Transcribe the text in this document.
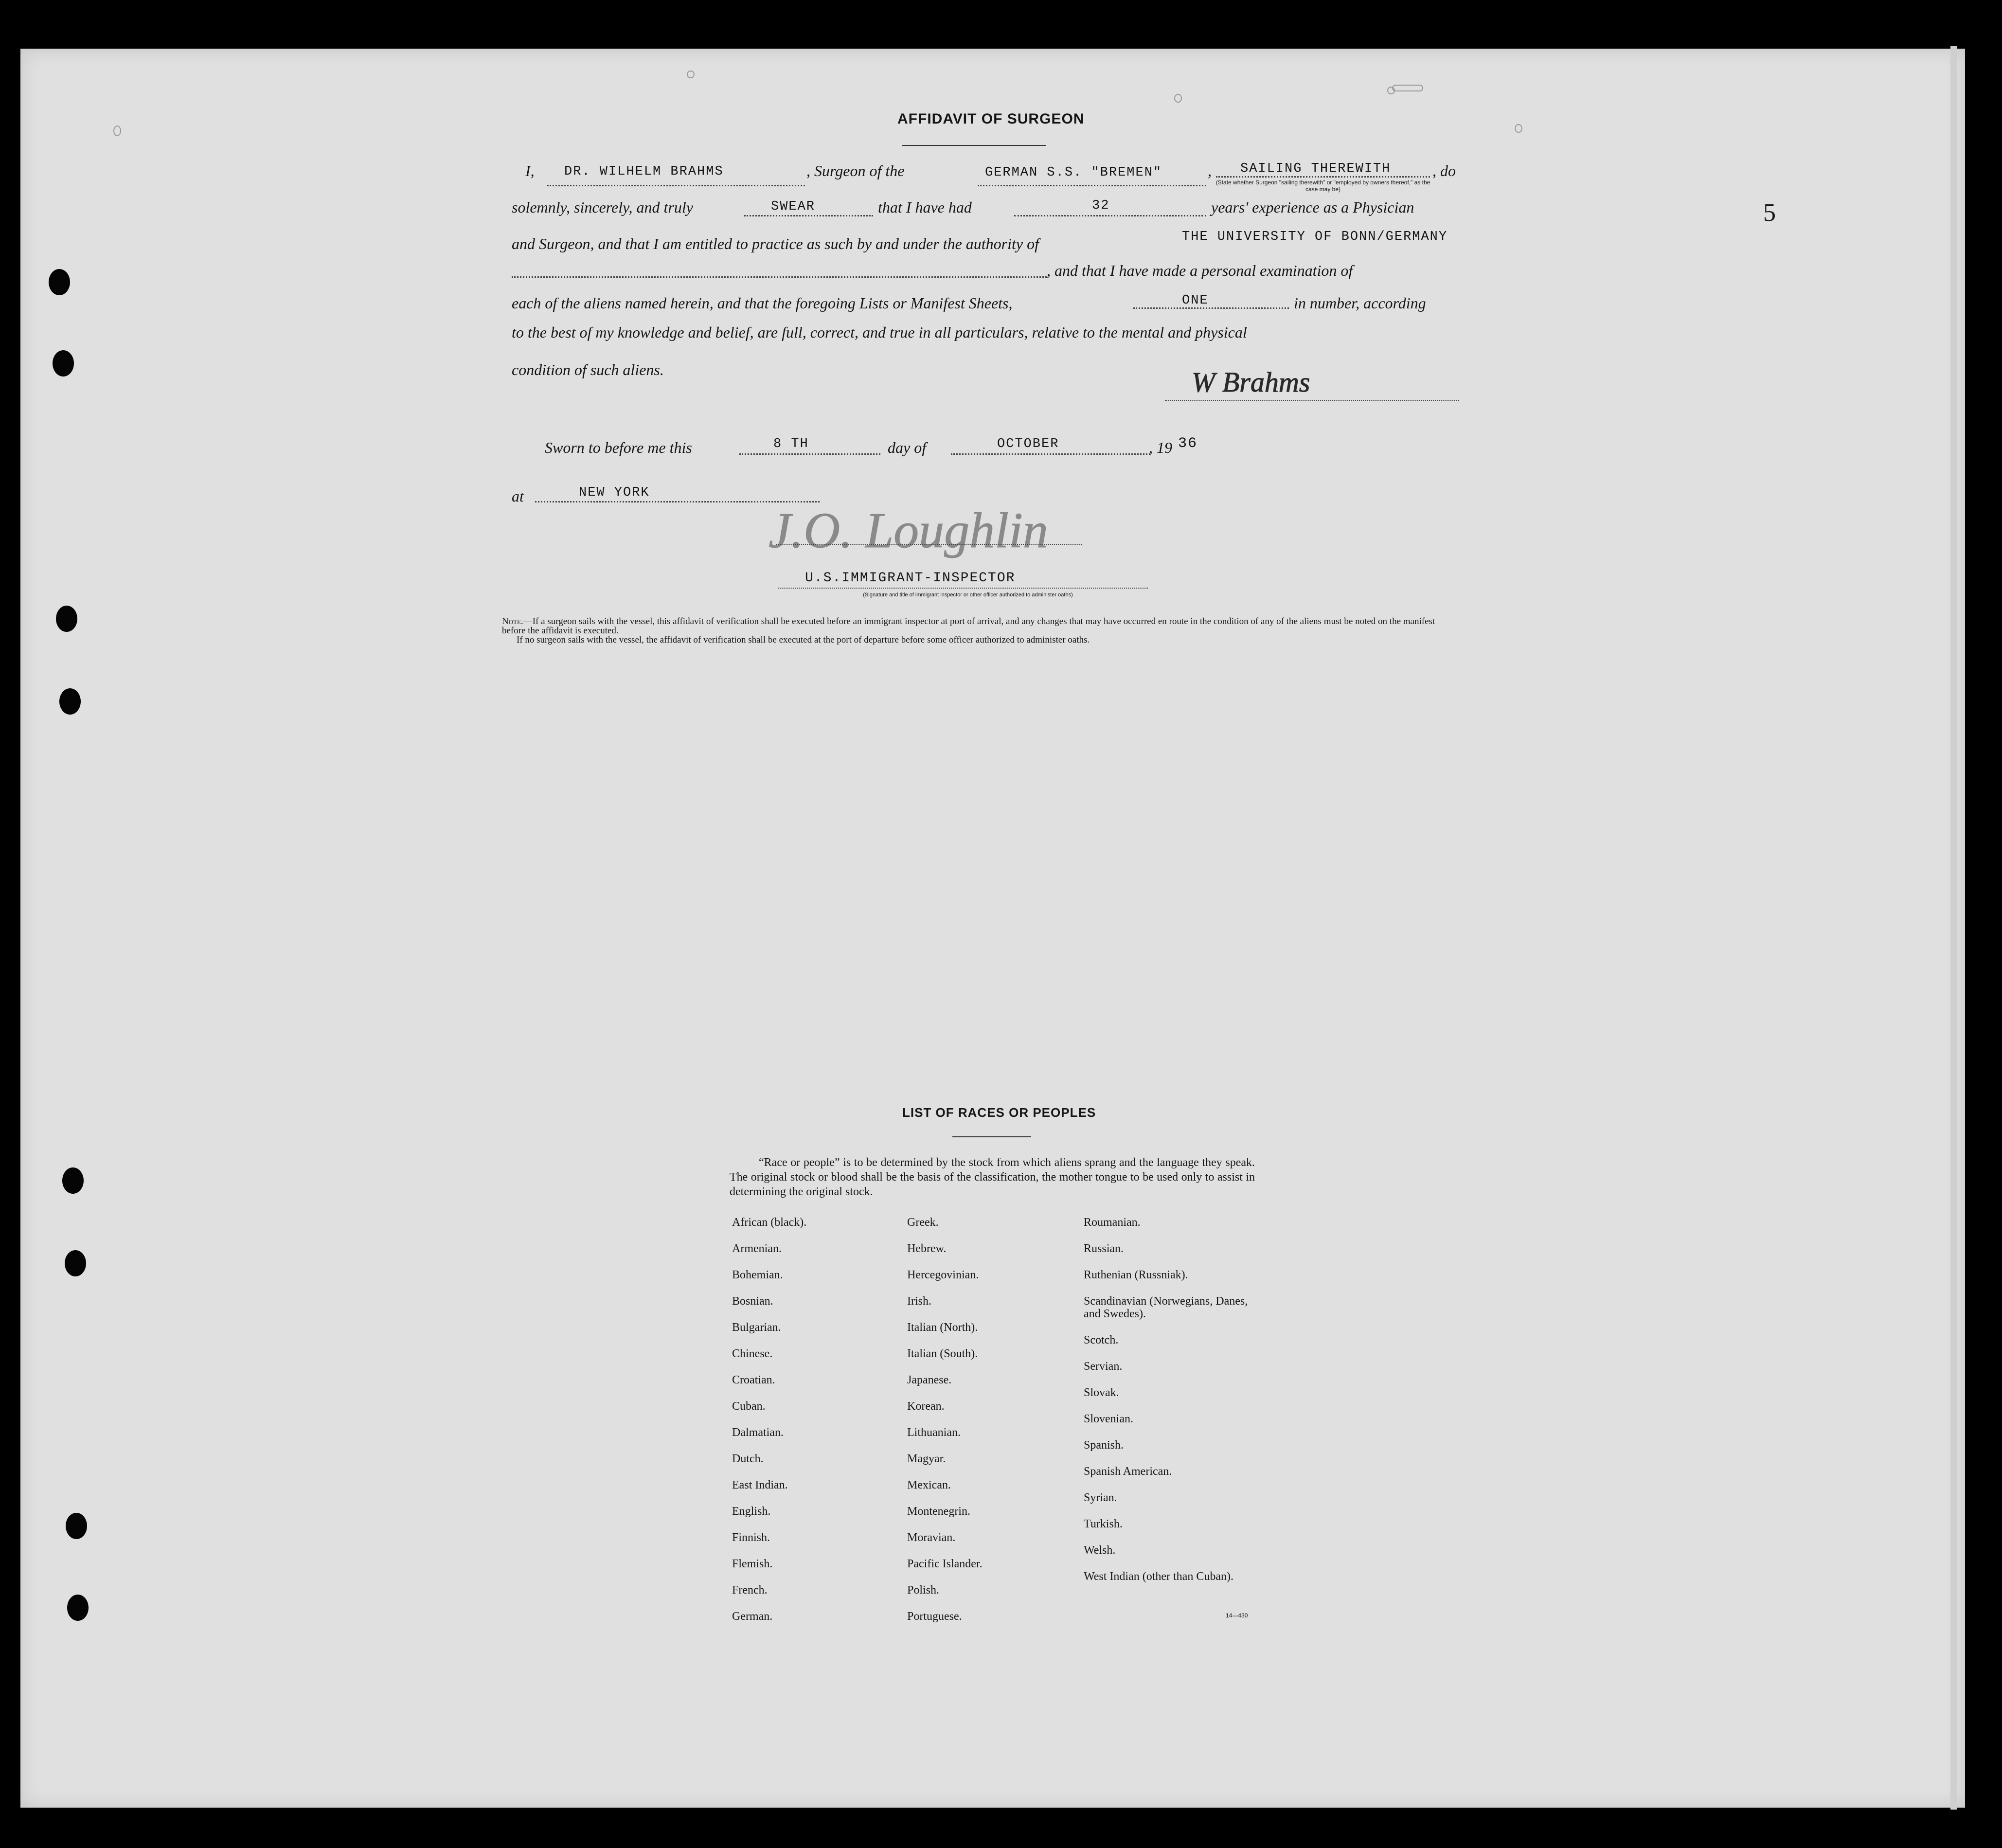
5
AFFIDAVIT OF SURGEON
I, DR. WILHELM BRAHMS	, Surgeon of the	GERMAN S.S. "BREMEN"	, SAILING THEREWITH	, do
(State whether Surgeon "sailing therewith" or "employed by owners thereof," as the case may be)
solemnly, sincerely, and truly	SWEAR	that I have had	32	years' experience as a Physician
and Surgeon, and that I am entitled to practice as such by and under the authority of	THE UNIVERSITY OF BONN/GERMANY
, and that I have made a personal examination of
each of the aliens named herein, and that the foregoing Lists or Manifest Sheets,	ONE	in number, according
to the best of my knowledge and belief, are full, correct, and true in all particulars, relative to the mental and physical
condition of such aliens.	W Brahms
Sworn to before me this	8 TH	day of	OCTOBER	, 19 36
at	NEW YORK
J.O. Loughlin
U.S.IMMIGRANT-INSPECTOR
(Signature and title of immigrant inspector or other officer authorized to administer oaths)

Note.—If a surgeon sails with the vessel, this affidavit of verification shall be executed before an immigrant inspector at port of arrival, and any changes that may have occurred en route in the condition of any of the aliens must be noted on the manifest before the affidavit is executed.

If no surgeon sails with the vessel, the affidavit of verification shall be executed at the port of departure before some officer authorized to administer oaths.

LIST OF RACES OR PEOPLES
“Race or people” is to be determined by the stock from which aliens sprang and the language they speak. The original stock or blood shall be the basis of the classification, the mother tongue to be used only to assist in determining the original stock.
African (black).
Armenian.
Bohemian.
Bosnian.
Bulgarian.
Chinese.
Croatian.
Cuban.
Dalmatian.
Dutch.
East Indian.
English.
Finnish.
Flemish.
French.
German.
Greek.
Hebrew.
Hercegovinian.
Irish.
Italian (North).
Italian (South).
Japanese.
Korean.
Lithuanian.
Magyar.
Mexican.
Montenegrin.
Moravian.
Pacific Islander.
Polish.
Portuguese.
Roumanian.
Russian.
Ruthenian (Russniak).
Scandinavian (Norwegians, Danes, and Swedes).
Scotch.
Servian.
Slovak.
Slovenian.
Spanish.
Spanish American.
Syrian.
Turkish.
Welsh.
West Indian (other than Cuban).
14—430
